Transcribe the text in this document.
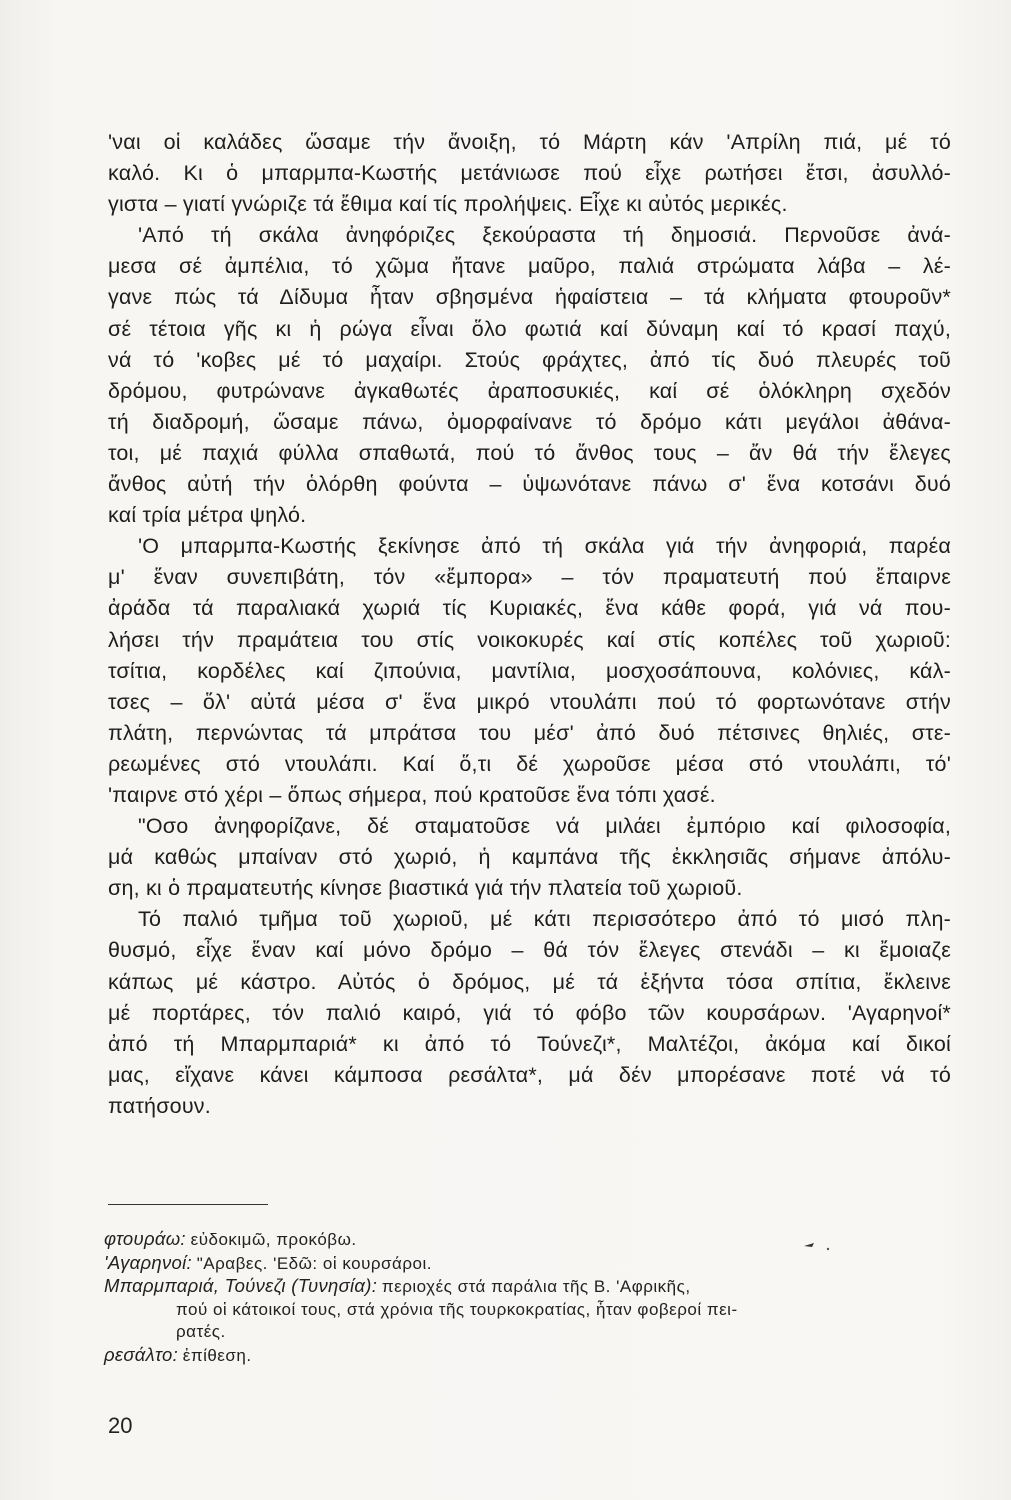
'ναι οἱ καλάδες ὥσαμε τήν ἄνοιξη, τό Μάρτη κάν 'Απρίλη πιά, μέ τό
καλό. Κι ὁ μπαρμπα-Κωστής μετάνιωσε πού εἶχε ρωτήσει ἔτσι, ἀσυλλό-
γιστα – γιατί γνώριζε τά ἔθιμα καί τίς προλήψεις. Εἶχε κι αὐτός μερικές.
'Από τή σκάλα ἀνηφόριζες ξεκούραστα τή δημοσιά. Περνοῦσε ἀνά-
μεσα σέ ἀμπέλια, τό χῶμα ἤτανε μαῦρο, παλιά στρώματα λάβα – λέ-
γανε πώς τά Δίδυμα ἦταν σβησμένα ἡφαίστεια – τά κλήματα φτουροῦν*
σέ τέτοια γῆς κι ἡ ρώγα εἶναι ὅλο φωτιά καί δύναμη καί τό κρασί παχύ,
νά τό 'κοβες μέ τό μαχαίρι. Στούς φράχτες, ἀπό τίς δυό πλευρές τοῦ
δρόμου, φυτρώνανε ἀγκαθωτές ἀραποσυκιές, καί σέ ὁλόκληρη σχεδόν
τή διαδρομή, ὥσαμε πάνω, ὀμορφαίνανε τό δρόμο κάτι μεγάλοι ἀθάνα-
τοι, μέ παχιά φύλλα σπαθωτά, πού τό ἄνθος τους – ἄν θά τήν ἔλεγες
ἄνθος αὐτή τήν ὁλόρθη φούντα – ὑψωνότανε πάνω σ' ἕνα κοτσάνι δυό
καί τρία μέτρα ψηλό.
'Ο μπαρμπα-Κωστής ξεκίνησε ἀπό τή σκάλα γιά τήν ἀνηφοριά, παρέα
μ' ἕναν συνεπιβάτη, τόν «ἔμπορα» – τόν πραματευτή πού ἔπαιρνε
ἀράδα τά παραλιακά χωριά τίς Κυριακές, ἕνα κάθε φορά, γιά νά που-
λήσει τήν πραμάτεια του στίς νοικοκυρές καί στίς κοπέλες τοῦ χωριοῦ:
τσίτια, κορδέλες καί ζιπούνια, μαντίλια, μοσχοσάπουνα, κολόνιες, κάλ-
τσες – ὅλ' αὐτά μέσα σ' ἕνα μικρό ντουλάπι πού τό φορτωνότανε στήν
πλάτη, περνώντας τά μπράτσα του μέσ' ἀπό δυό πέτσινες θηλιές, στε-
ρεωμένες στό ντουλάπι. Καί ὅ,τι δέ χωροῦσε μέσα στό ντουλάπι, τό'
'παιρνε στό χέρι – ὅπως σήμερα, πού κρατοῦσε ἕνα τόπι χασέ.
"Οσο ἀνηφορίζανε, δέ σταματοῦσε νά μιλάει ἐμπόριο καί φιλοσοφία,
μά καθώς μπαίναν στό χωριό, ἡ καμπάνα τῆς ἐκκλησιᾶς σήμανε ἀπόλυ-
ση, κι ὁ πραματευτής κίνησε βιαστικά γιά τήν πλατεία τοῦ χωριοῦ.
Τό παλιό τμῆμα τοῦ χωριοῦ, μέ κάτι περισσότερο ἀπό τό μισό πλη-
θυσμό, εἶχε ἕναν καί μόνο δρόμο – θά τόν ἔλεγες στενάδι – κι ἔμοιαζε
κάπως μέ κάστρο. Αὐτός ὁ δρόμος, μέ τά ἑξήντα τόσα σπίτια, ἔκλεινε
μέ πορτάρες, τόν παλιό καιρό, γιά τό φόβο τῶν κουρσάρων. 'Αγαρηνοί*
ἀπό τή Μπαρμπαριά* κι ἀπό τό Τούνεζι*, Μαλτέζοι, ἀκόμα καί δικοί
μας, εἴχανε κάνει κάμποσα ρεσάλτα*, μά δέν μπορέσανε ποτέ νά τό
πατήσουν.
φτουράω: εὐδοκιμῶ, προκόβω.
'Αγαρηνοί: "Αραβες. 'Εδῶ: οἱ κουρσάροι.
Μπαρμπαριά, Τούνεζι (Τυνησία): περιοχές στά παράλια τῆς Β. 'Αφρικῆς,
πού οἱ κάτοικοί τους, στά χρόνια τῆς τουρκοκρατίας, ἦταν φοβεροί πει-
ρατές.
ρεσάλτο: ἐπίθεση.
20
